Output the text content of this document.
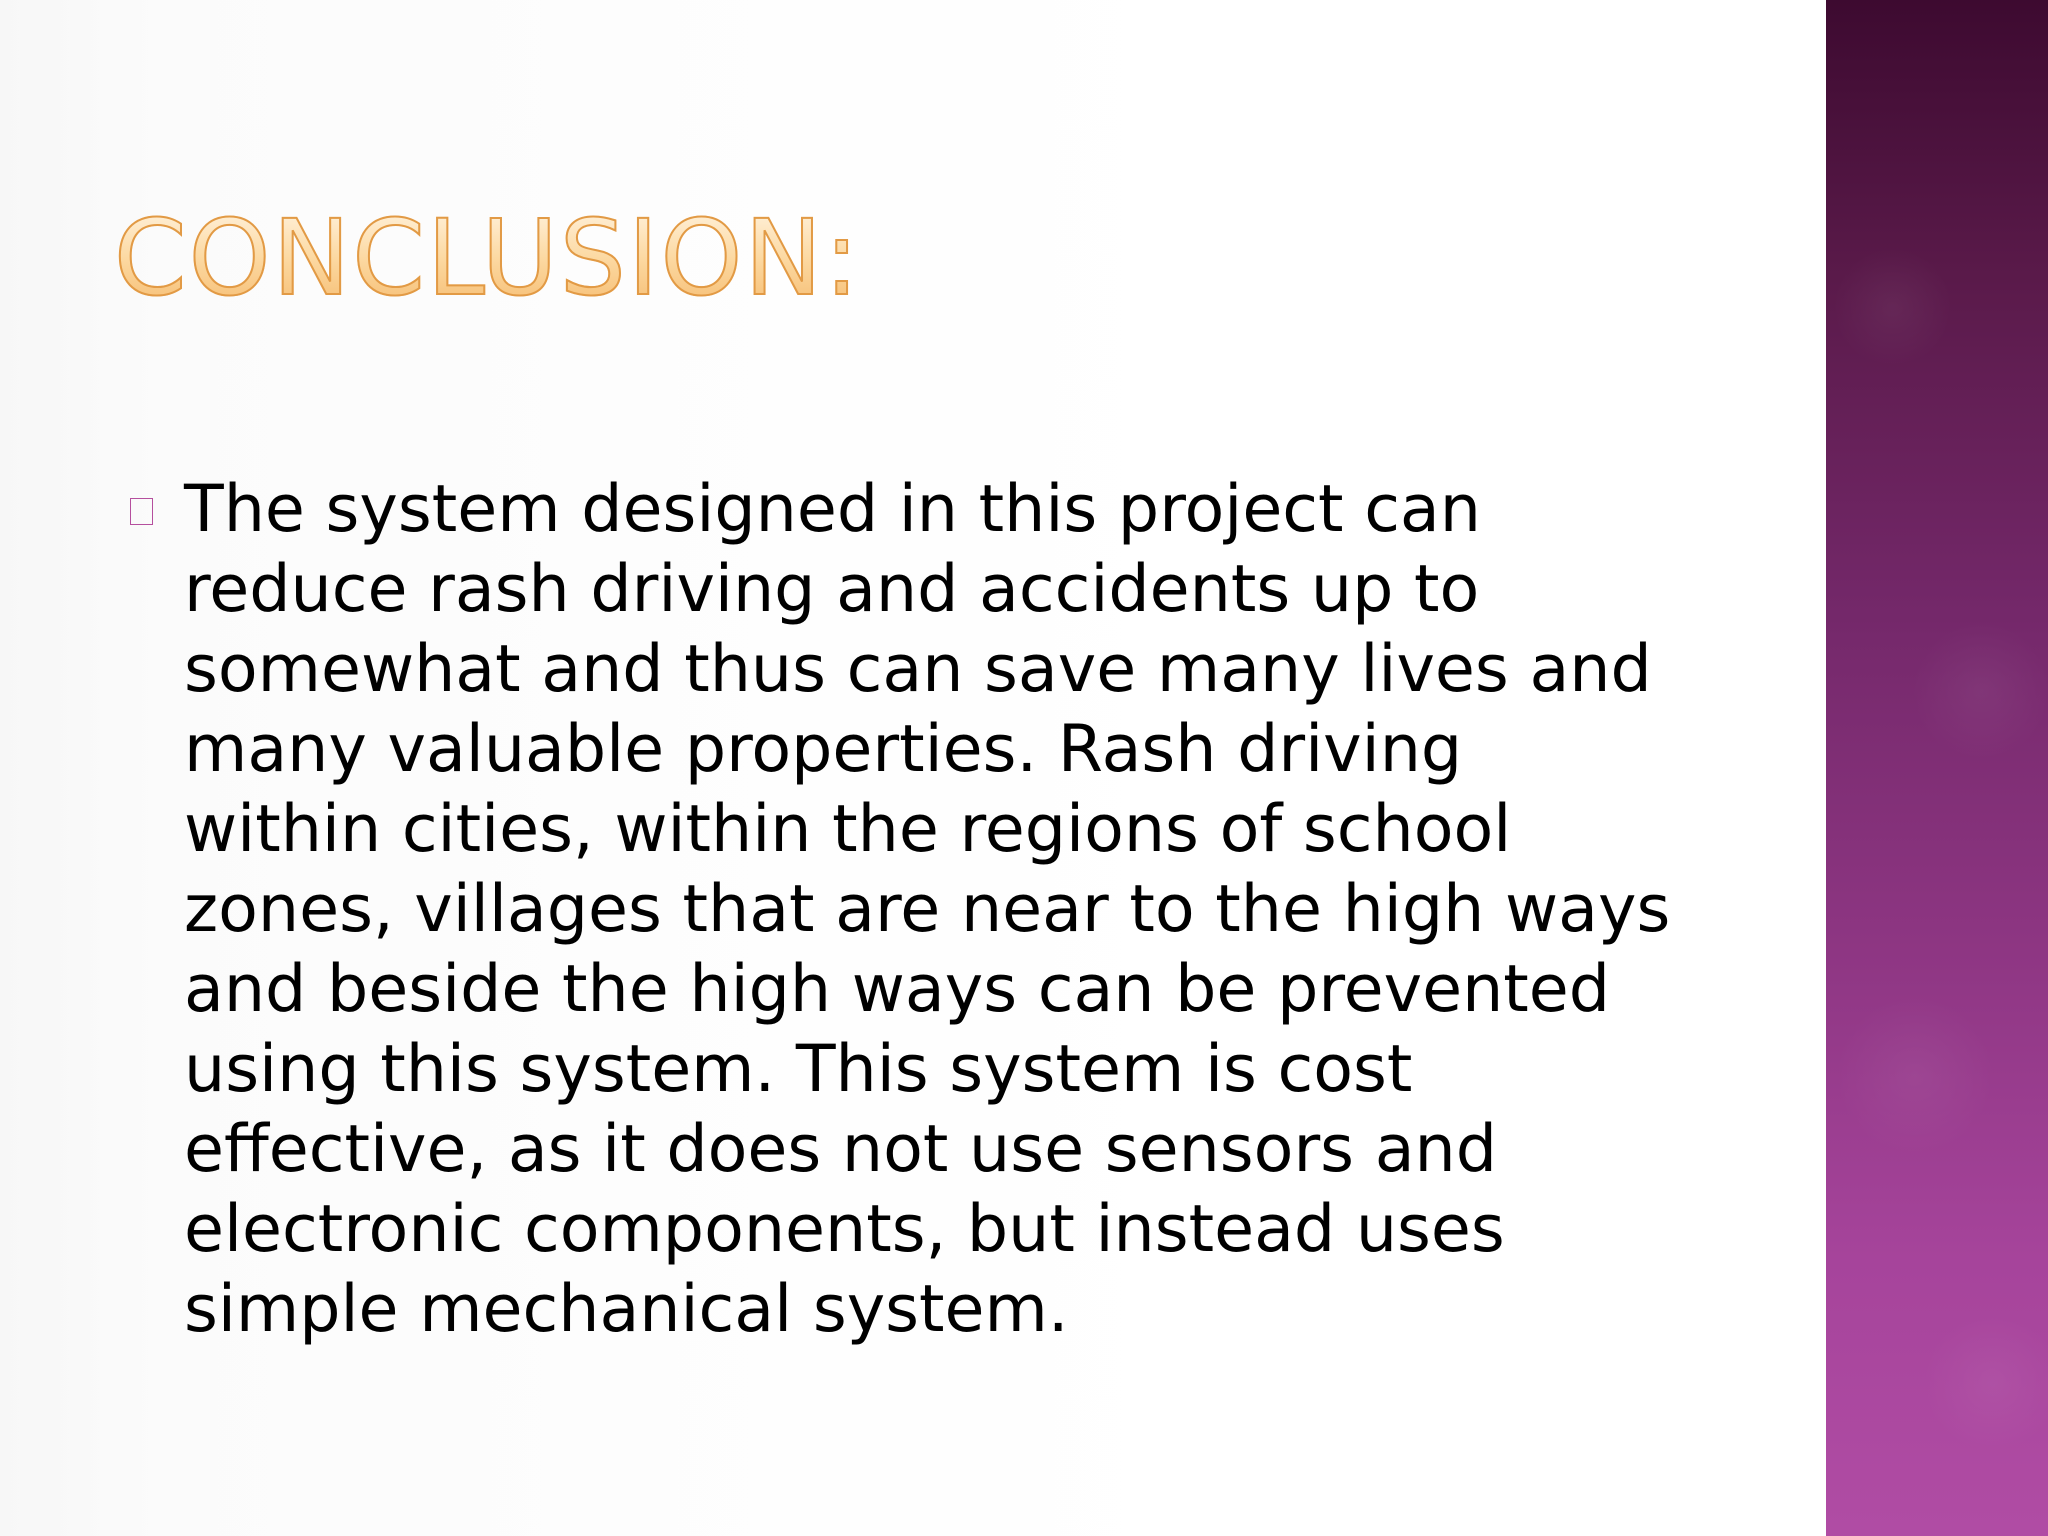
CONCLUSION:

The system designed in this project can
reduce rash driving and accidents up to
somewhat and thus can save many lives and
many valuable properties. Rash driving
within cities, within the regions of school
zones, villages that are near to the high ways
and beside the high ways can be prevented
using this system. This system is cost
effective, as it does not use sensors and
electronic components, but instead uses
simple mechanical system.
